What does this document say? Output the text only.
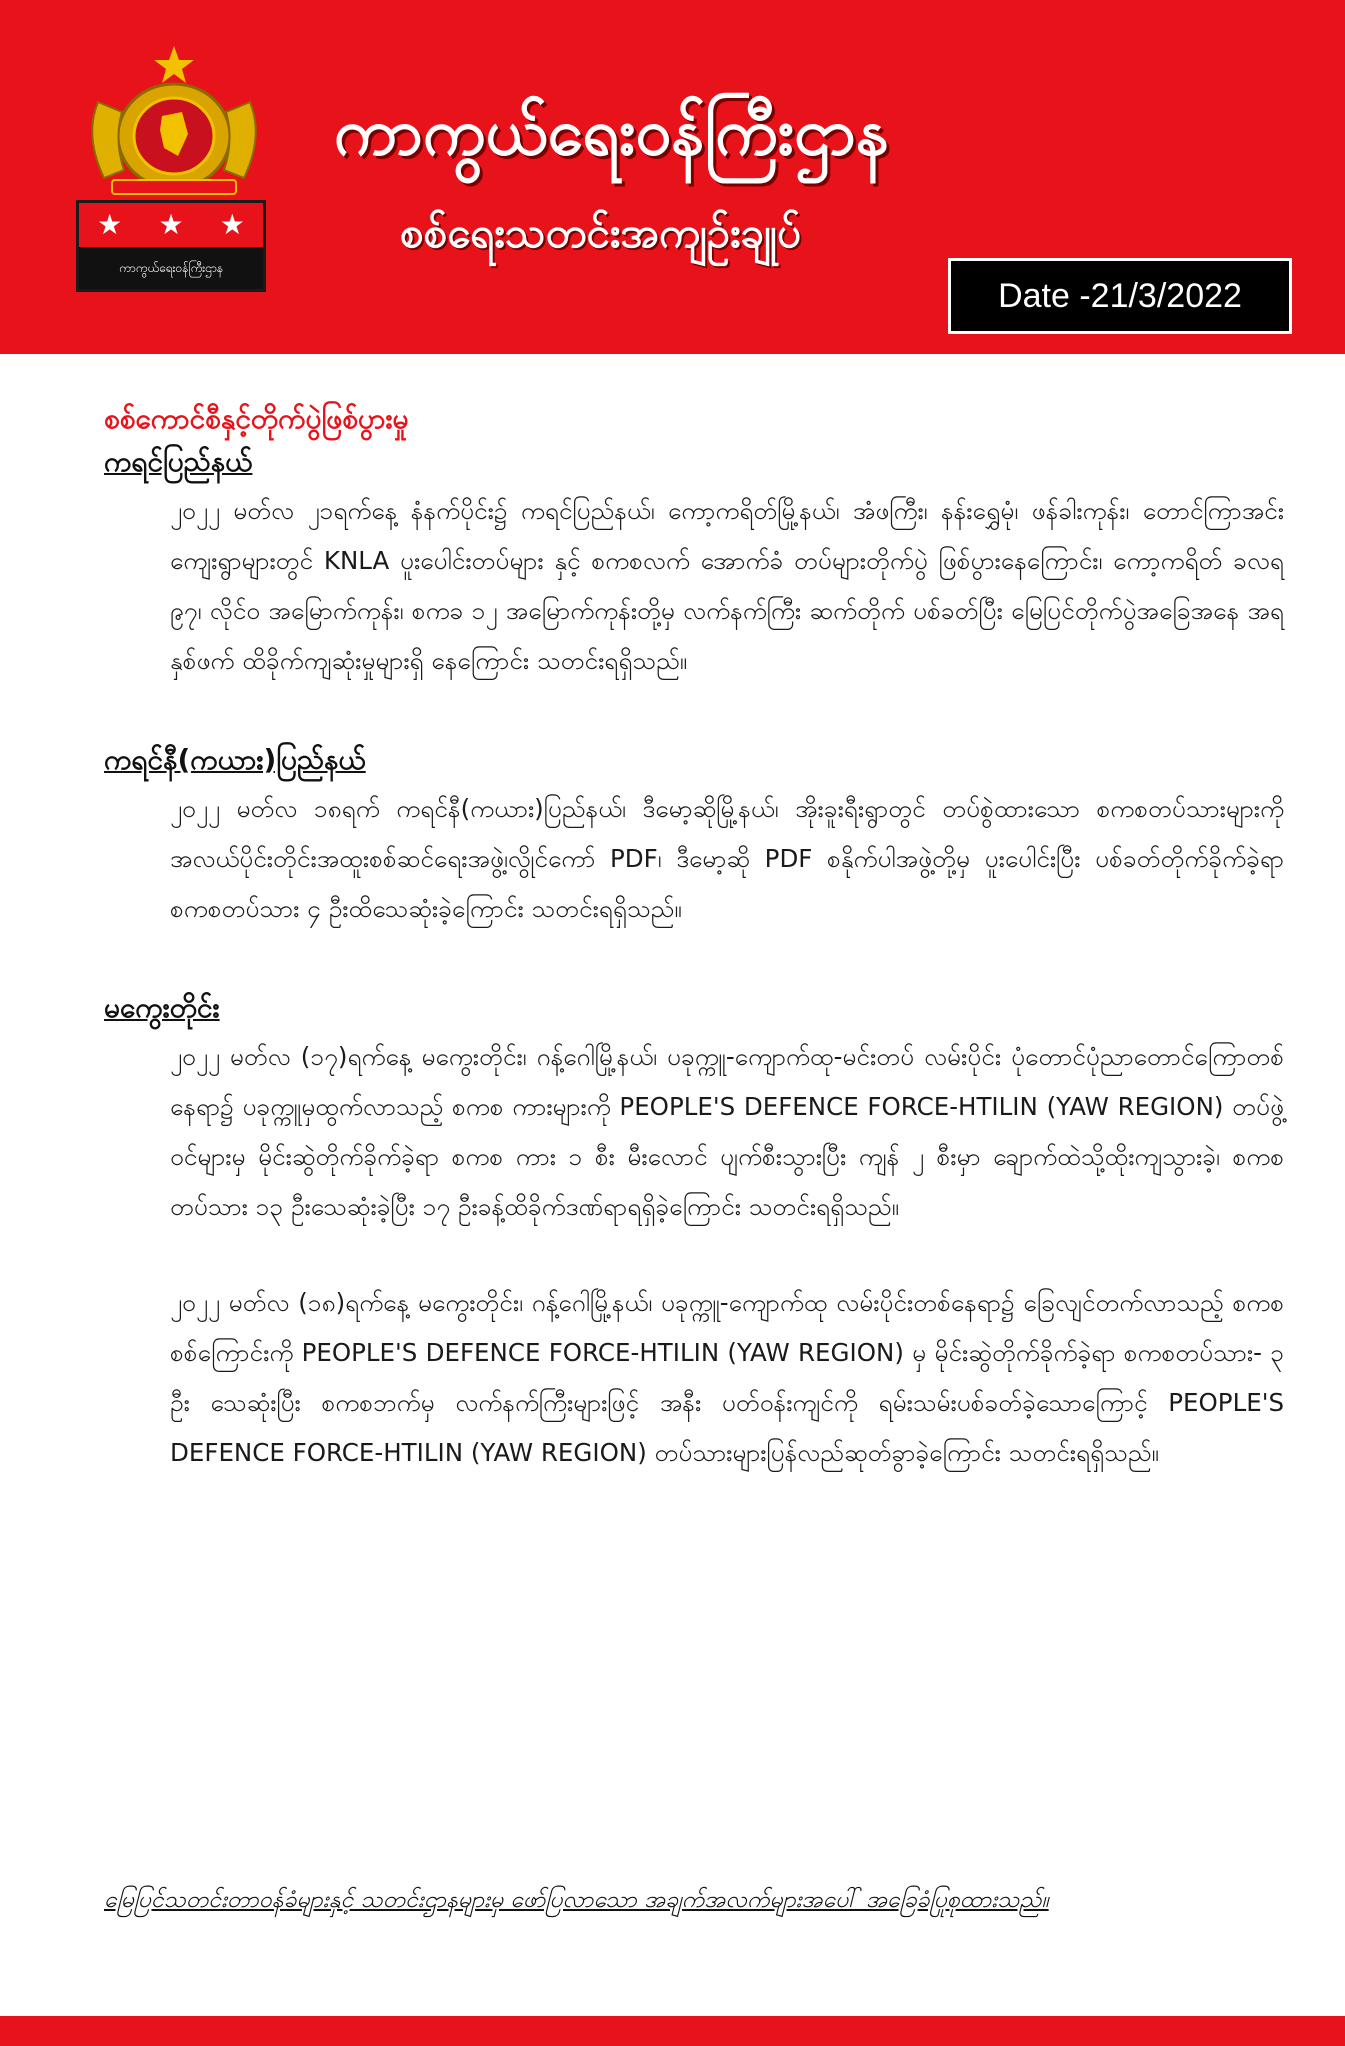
★ ★ ★
ကာကွယ်ရေးဝန်ကြီးဌာန
ကာကွယ်ရေးဝန်ကြီးဌာန
စစ်ရေးသတင်းအကျဉ်းချုပ်
Date -21/3/2022
စစ်ကောင်စီနှင့်တိုက်ပွဲဖြစ်ပွားမှု
ကရင်ပြည်နယ်

၂၀၂၂ မတ်လ ၂၁ရက်နေ့ နံနက်ပိုင်း၌ ကရင်ပြည်နယ်၊ ကော့ကရိတ်မြို့နယ်၊ အံဖကြီး၊ နန်းရွှေမုံ၊ ဖန်ခါးကုန်း၊ တောင်ကြာအင်း ကျေးရွာများတွင် KNLA ပူးပေါင်းတပ်များ နှင့် စကစလက် အောက်ခံ တပ်များတိုက်ပွဲ ဖြစ်ပွားနေကြောင်း၊ ကော့ကရိတ် ခလရ ၉၇၊ လိုင်ဝ အမြောက်ကုန်း၊ စကခ ၁၂ အမြောက်ကုန်းတို့မှ လက်နက်ကြီး ဆက်တိုက် ပစ်ခတ်ပြီး မြေပြင်တိုက်ပွဲအခြေအနေ အရ နှစ်ဖက် ထိခိုက်ကျဆုံးမှုများရှိ နေကြောင်း သတင်းရရှိသည်။

ကရင်နီ(ကယား)ပြည်နယ်

၂၀၂၂ မတ်လ ၁၈ရက် ကရင်နီ(ကယား)ပြည်နယ်၊ ဒီမော့ဆိုမြို့နယ်၊ အိုးခူးရီးရွာတွင် တပ်စွဲထားသော စကစတပ်သားများကို အလယ်ပိုင်းတိုင်းအထူးစစ်ဆင်ရေးအဖွဲ့၊လွိုင်ကော် PDF၊ ဒီမော့ဆို PDF စနိုက်ပါအဖွဲ့တို့မှ ပူးပေါင်းပြီး ပစ်ခတ်တိုက်ခိုက်ခဲ့ရာ စကစတပ်သား ၄ ဦးထိသေဆုံးခဲ့ကြောင်း သတင်းရရှိသည်။

မကွေးတိုင်း

၂၀၂၂ မတ်လ (၁၇)ရက်နေ့ မကွေးတိုင်း၊ ဂန့်ဂေါမြို့နယ်၊ ပခုက္ကူ-ကျောက်ထု-မင်းတပ် လမ်းပိုင်း ပုံတောင်ပုံညာတောင်ကြောတစ်နေရာ၌ ပခုက္ကူမှထွက်လာသည့် စကစ ကားများကို PEOPLE'S DEFENCE FORCE-HTILIN (YAW REGION) တပ်ဖွဲ့ဝင်များမှ မိုင်းဆွဲတိုက်ခိုက်ခဲ့ရာ စကစ ကား ၁ စီး မီးလောင် ပျက်စီးသွားပြီး ကျန် ၂ စီးမှာ ချောက်ထဲသို့ထိုးကျသွားခဲ့၊ စကစတပ်သား ၁၃ ဦးသေဆုံးခဲ့ပြီး ၁၇ ဦးခန့်ထိခိုက်ဒဏ်ရာရရှိခဲ့ကြောင်း သတင်းရရှိသည်။

၂၀၂၂ မတ်လ (၁၈)ရက်နေ့ မကွေးတိုင်း၊ ဂန့်ဂေါမြို့နယ်၊ ပခုက္ကူ-ကျောက်ထု လမ်းပိုင်းတစ်နေရာ၌ ခြေလျင်တက်လာသည့် စကစ စစ်ကြောင်းကို PEOPLE'S DEFENCE FORCE-HTILIN (YAW REGION) မှ မိုင်းဆွဲတိုက်ခိုက်ခဲ့ရာ စကစတပ်သား- ၃ ဦး သေဆုံးပြီး စကစဘက်မှ လက်နက်ကြီးများဖြင့် အနီး ပတ်ဝန်းကျင်ကို ရမ်းသမ်းပစ်ခတ်ခဲ့သောကြောင့် PEOPLE'S DEFENCE FORCE-HTILIN (YAW REGION) တပ်သားများပြန်လည်ဆုတ်ခွာခဲ့ကြောင်း သတင်းရရှိသည်။

မြေပြင်သတင်းတာဝန်ခံများနှင့် သတင်းဌာနများမှ ဖော်ပြလာသော အချက်အလက်များအပေါ် အခြေခံပြုစုထားသည်။
